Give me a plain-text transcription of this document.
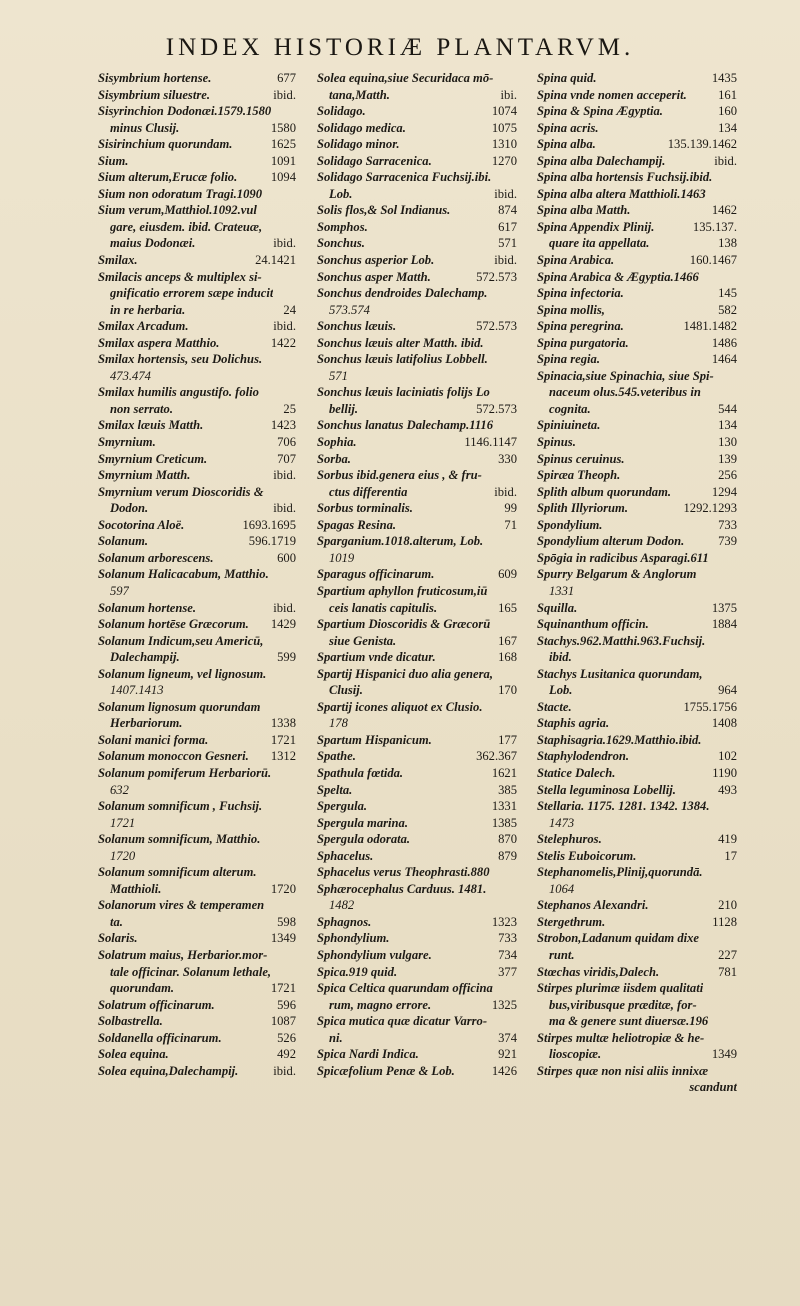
INDEX HISTORIÆ PLANTARVM.
Sisymbrium hortense.	677
Sisymbrium siluestre.	ibid.
Sisyrinchion Dodonæi.1579.1580
minus Clusij.	1580
Sisirinchium quorundam.	1625
Sium.	1091
Sium alterum,Erucæ folio.	1094
Sium non odoratum Tragi.1090
Sium verum,Matthiol.1092.vul
gare, eiusdem. ibid. Crateuæ,
maius Dodonæi.	ibid.
Smilax.	24.1421
Smilacis anceps & multiplex si-
gnificatio errorem sæpe inducit
in re herbaria.	24
Smilax Arcadum.	ibid.
Smilax aspera Matthio.	1422
Smilax hortensis, seu Dolichus.
473.474
Smilax humilis angustifo. folio
non serrato.	25
Smilax læuis Matth.	1423
Smyrnium.	706
Smyrnium Creticum.	707
Smyrnium Matth.	ibid.
Smyrnium verum Dioscoridis &
Dodon.	ibid.
Socotorina Aloë.	1693.1695
Solanum.	596.1719
Solanum arborescens.	600
Solanum Halicacabum, Matthio.
597
Solanum hortense.	ibid.
Solanum hortēse Græcorum.	1429
Solanum Indicum,seu Americū,
Dalechampij.	599
Solanum ligneum, vel lignosum.
1407.1413
Solanum lignosum quorundam
Herbariorum.	1338
Solani manici forma.	1721
Solanum monoccon Gesneri.	1312
Solanum pomiferum Herbariorū.
632
Solanum somnificum , Fuchsij.
1721
Solanum somnificum, Matthio.
1720
Solanum somnificum alterum.
Matthioli.	1720
Solanorum vires & temperamen
ta.	598
Solaris.	1349
Solatrum maius, Herbarior.mor-
tale officinar. Solanum lethale,
quorundam.	1721
Solatrum officinarum.	596
Solbastrella.	1087
Soldanella officinarum.	526
Solea equina.	492
Solea equina,Dalechampij.	ibid.
Solea equina,siue Securidaca mō-
tana,Matth.	ibi.
Solidago.	1074
Solidago medica.	1075
Solidago minor.	1310
Solidago Sarracenica.	1270
Solidago Sarracenica Fuchsij.ibi.
Lob.	ibid.
Solis flos,& Sol Indianus.	874
Somphos.	617
Sonchus.	571
Sonchus asperior Lob.	ibid.
Sonchus asper Matth.	572.573
Sonchus dendroides Dalechamp.
573.574
Sonchus læuis.	572.573
Sonchus læuis alter Matth. ibid.
Sonchus læuis latifolius Lobbell.
571
Sonchus læuis laciniatis folijs Lo
bellij.	572.573
Sonchus lanatus Dalechamp.1116
Sophia.	1146.1147
Sorba.	330
Sorbus ibid.genera eius , & fru-
ctus differentia	ibid.
Sorbus torminalis.	99
Spagas Resina.	71
Sparganium.1018.alterum, Lob.
1019
Sparagus officinarum.	609
Spartium aphyllon fruticosum,iū
ceis lanatis capitulis.	165
Spartium Dioscoridis & Græcorū
siue Genista.	167
Spartium vnde dicatur.	168
Spartij Hispanici duo alia genera,
Clusij.	170
Spartij icones aliquot ex Clusio.
178
Spartum Hispanicum.	177
Spathe.	362.367
Spathula fœtida.	1621
Spelta.	385
Spergula.	1331
Spergula marina.	1385
Spergula odorata.	870
Sphacelus.	879
Sphacelus verus Theophrasti.880
Sphærocephalus Carduus. 1481.
1482
Sphagnos.	1323
Sphondylium.	733
Sphondylium vulgare.	734
Spica.919 quid.	377
Spica Celtica quarundam officina
rum, magno errore.	1325
Spica mutica quæ dicatur Varro-
ni.	374
Spica Nardi Indica.	921
Spicæfolium Penæ & Lob.	1426
Spina quid.	1435
Spina vnde nomen acceperit.	161
Spina & Spina Ægyptia.	160
Spina acris.	134
Spina alba.	135.139.1462
Spina alba Dalechampij.	ibid.
Spina alba hortensis Fuchsij.ibid.
Spina alba altera Matthioli.1463
Spina alba Matth.	1462
Spina Appendix Plinij.	135.137.
quare ita appellata.	138
Spina Arabica.	160.1467
Spina Arabica & Ægyptia.1466
Spina infectoria.	145
Spina mollis,	582
Spina peregrina.	1481.1482
Spina purgatoria.	1486
Spina regia.	1464
Spinacia,siue Spinachia, siue Spi-
naceum olus.545.veteribus in
cognita.	544
Spiniuineta.	134
Spinus.	130
Spinus ceruinus.	139
Spiræa Theoph.	256
Splith album quorundam.	1294
Splith Illyriorum.	1292.1293
Spondylium.	733
Spondylium alterum Dodon.	739
Spōgia in radicibus Asparagi.611
Spurry Belgarum & Anglorum
1331
Squilla.	1375
Squinanthum officin.	1884
Stachys.962.Matthi.963.Fuchsij.
ibid.
Stachys Lusitanica quorundam,
Lob.	964
Stacte.	1755.1756
Staphis agria.	1408
Staphisagria.1629.Matthio.ibid.
Staphylodendron.	102
Statice Dalech.	1190
Stella leguminosa Lobellij.	493
Stellaria. 1175. 1281. 1342. 1384.
1473
Stelephuros.	419
Stelis Euboicorum.	17
Stephanomelis,Plinij,quorundā.
1064
Stephanos Alexandri.	210
Stergethrum.	1128
Strobon,Ladanum quidam dixe
runt.	227
Stœchas viridis,Dalech.	781
Stirpes plurimæ iisdem qualitati
bus,viribusque præditæ, for-
ma & genere sunt diuersæ.196
Stirpes multæ heliotropiæ & he-
lioscopiæ.	1349
Stirpes quæ non nisi aliis innixæ
scandunt
